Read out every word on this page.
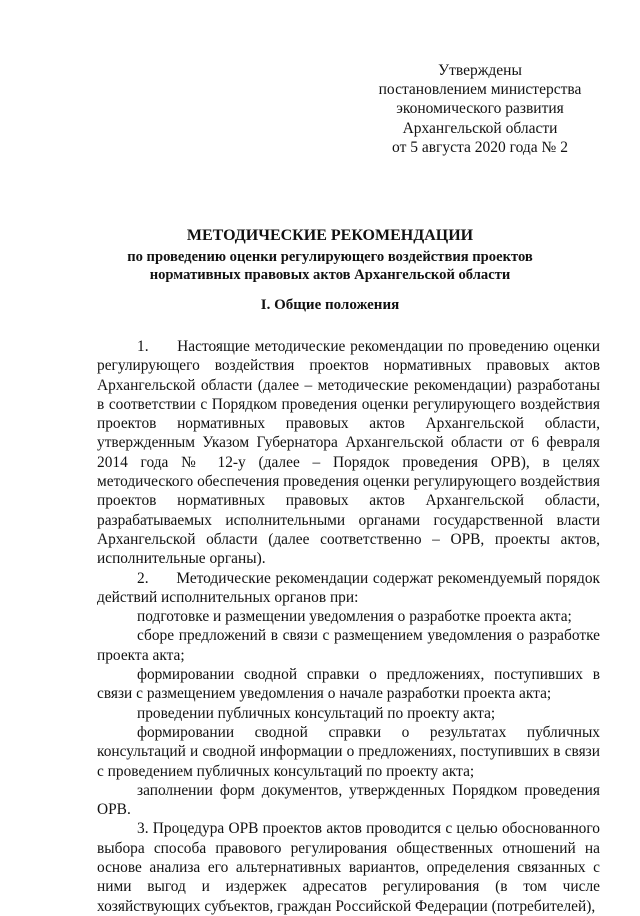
Утверждены
постановлением министерства
экономического развития
Архангельской области
от 5 августа 2020 года № 2
МЕТОДИЧЕСКИЕ РЕКОМЕНДАЦИИ
по проведению оценки регулирующего воздействия проектов
нормативных правовых актов Архангельской области
I. Общие положения

1.      Настоящие методические рекомендации по проведению оценки регулирующего воздействия проектов нормативных правовых актов Архангельской области (далее – методические рекомендации) разработаны в соответствии с Порядком проведения оценки регулирующего воздействия проектов нормативных правовых актов Архангельской области, утвержденным Указом Губернатора Архангельской области от 6 февраля 2014 года № 12-у (далее – Порядок проведения ОРВ), в целях методического обеспечения проведения оценки регулирующего воздействия проектов нормативных правовых актов Архангельской области, разрабатываемых исполнительными органами государственной власти Архангельской области (далее соответственно – ОРВ, проекты актов, исполнительные органы).

2.      Методические рекомендации содержат рекомендуемый порядок действий исполнительных органов при:

подготовке и размещении уведомления о разработке проекта акта;

сборе предложений в связи с размещением уведомления о разработке проекта акта;

формировании сводной справки о предложениях, поступивших в связи с размещением уведомления о начале разработки проекта акта;

проведении публичных консультаций по проекту акта;

формировании сводной справки о результатах публичных консультаций и сводной информации о предложениях, поступивших в связи с проведением публичных консультаций по проекту акта;

заполнении форм документов, утвержденных Порядком проведения ОРВ.

3. Процедура ОРВ проектов актов проводится с целью обоснованного выбора способа правового регулирования общественных отношений на основе анализа его альтернативных вариантов, определения связанных с ними выгод и издержек адресатов регулирования (в том числе хозяйствующих субъектов, граждан Российской Федерации (потребителей),
